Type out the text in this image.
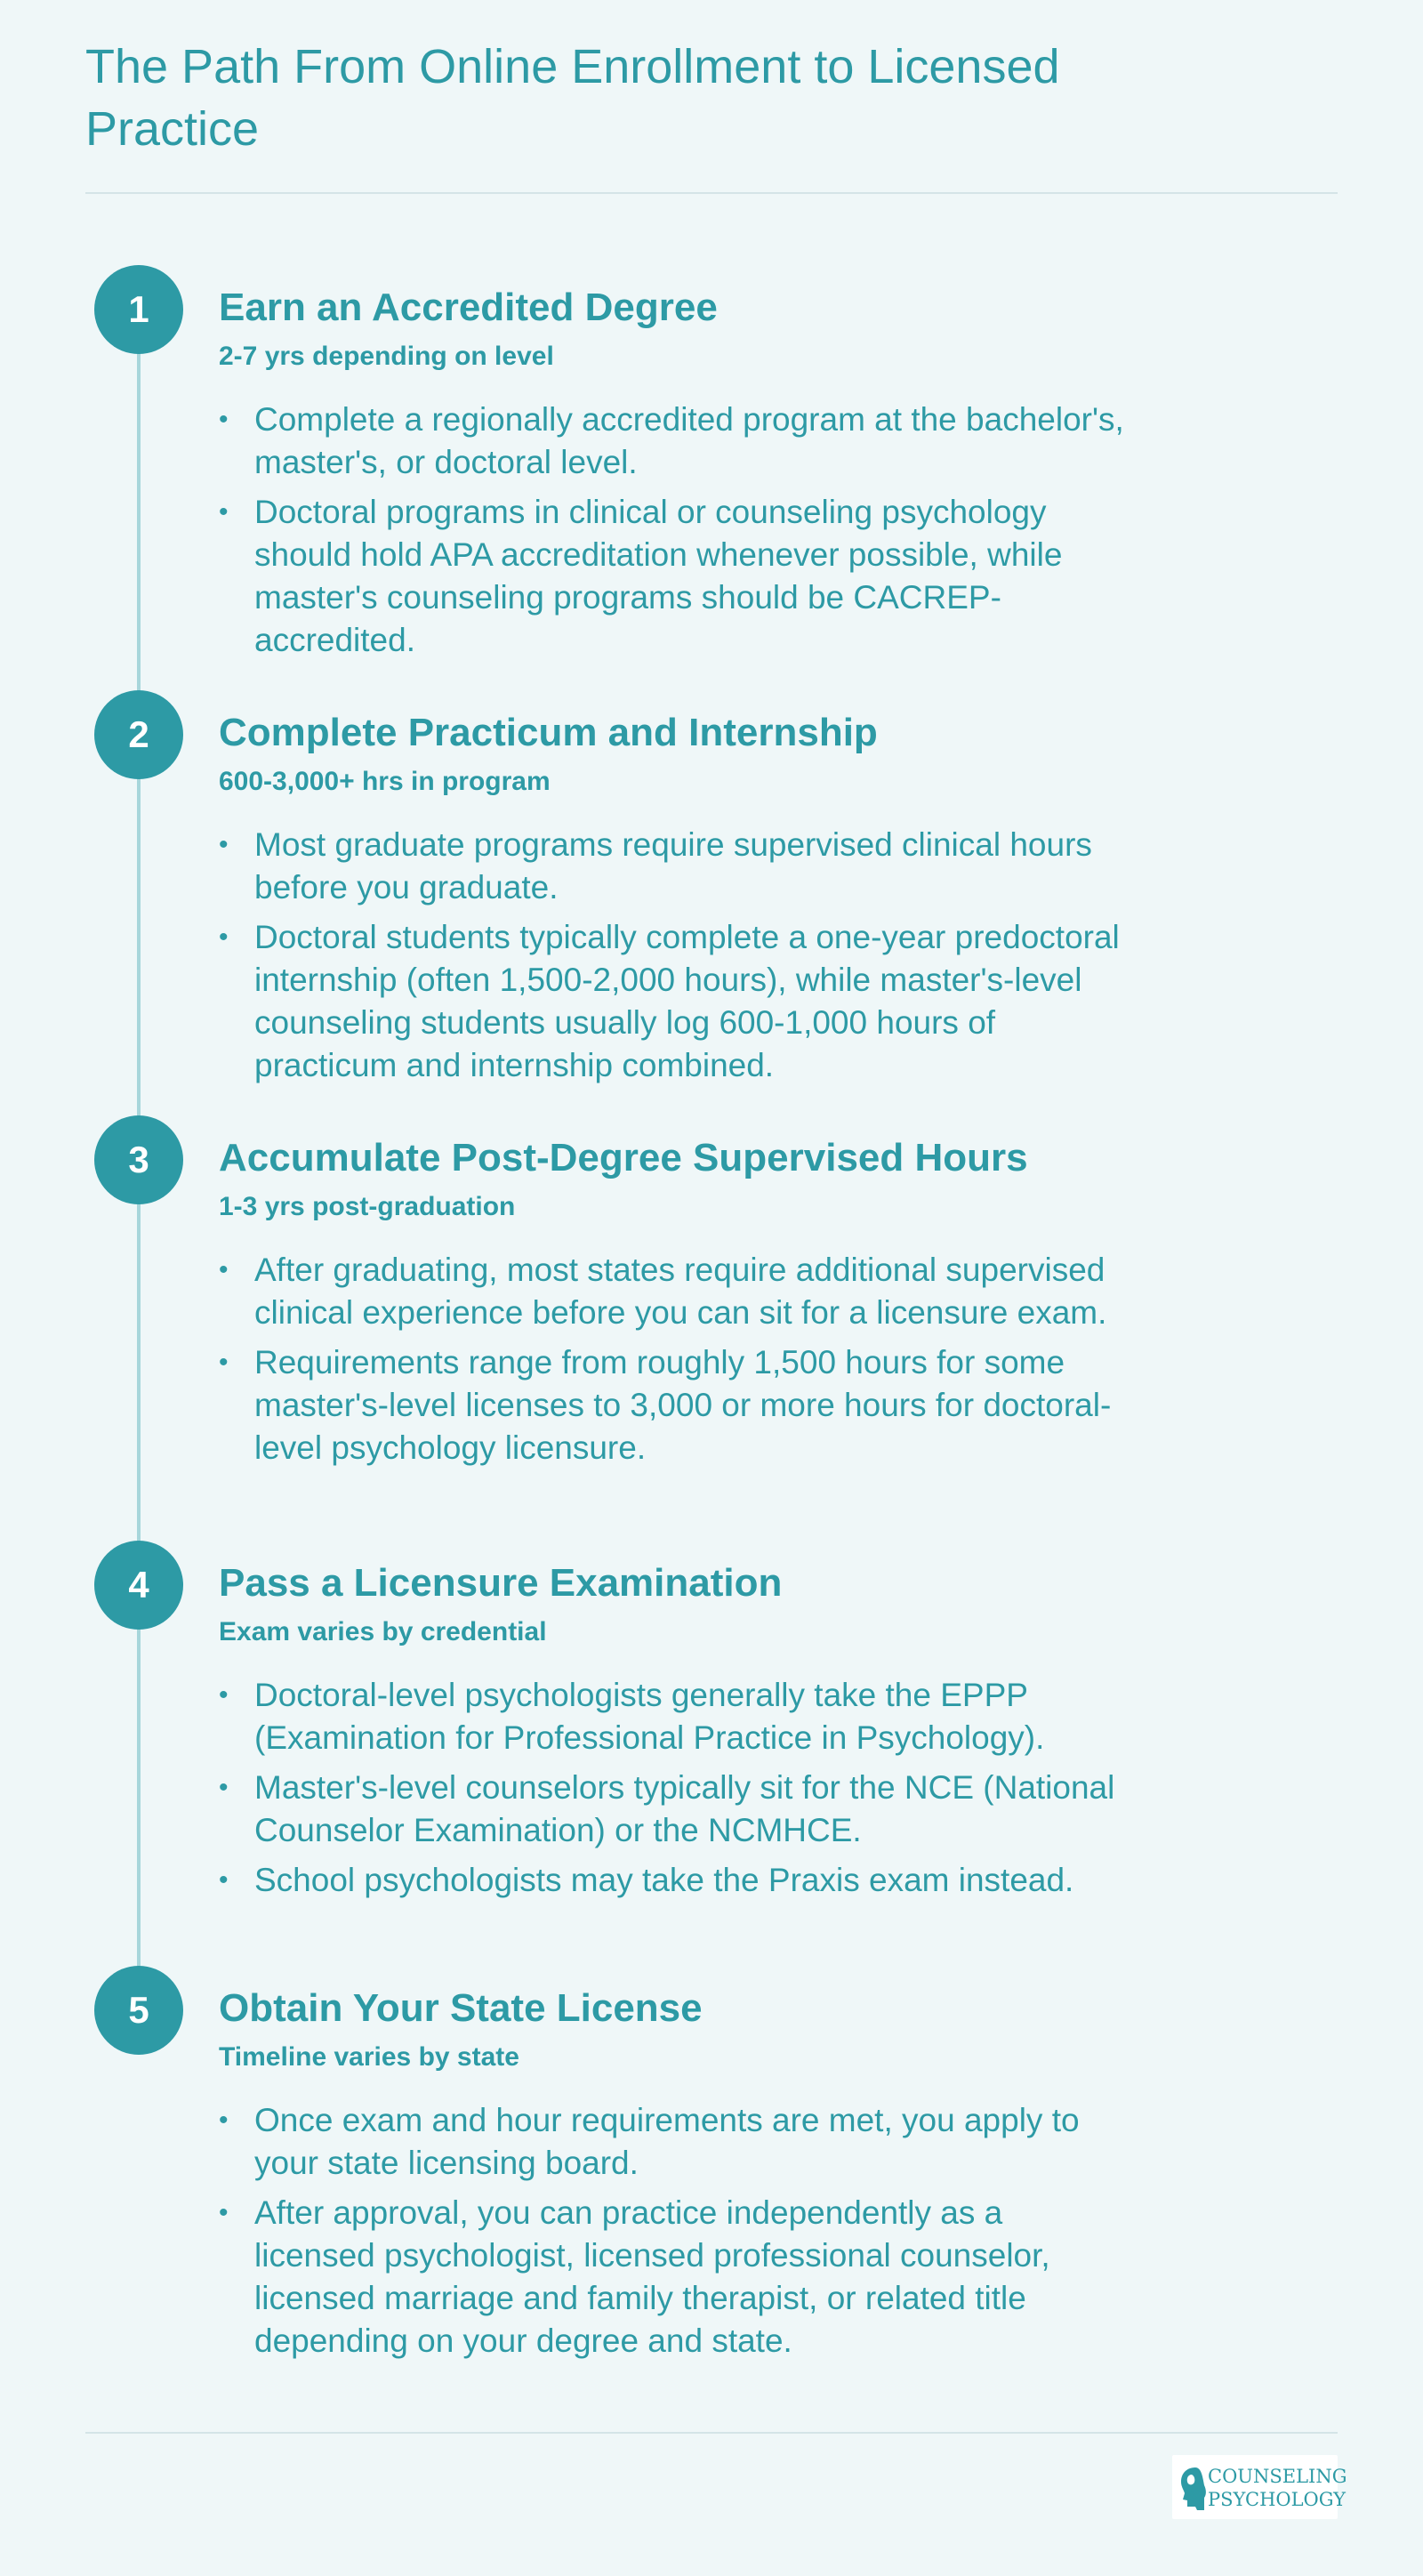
The Path From Online Enrollment to Licensed Practice
1	Earn an Accredited Degree
2-7 yrs depending on level
• Complete a regionally accredited program at the bachelor's, master's, or doctoral level.
• Doctoral programs in clinical or counseling psychology should hold APA accreditation whenever possible, while master's counseling programs should be CACREP-accredited.
2	Complete Practicum and Internship
600-3,000+ hrs in program
• Most graduate programs require supervised clinical hours before you graduate.
• Doctoral students typically complete a one-year predoctoral internship (often 1,500-2,000 hours), while master's-level counseling students usually log 600-1,000 hours of practicum and internship combined.
3	Accumulate Post-Degree Supervised Hours
1-3 yrs post-graduation
• After graduating, most states require additional supervised clinical experience before you can sit for a licensure exam.
• Requirements range from roughly 1,500 hours for some master's-level licenses to 3,000 or more hours for doctoral-level psychology licensure.
4	Pass a Licensure Examination
Exam varies by credential
• Doctoral-level psychologists generally take the EPPP (Examination for Professional Practice in Psychology).
• Master's-level counselors typically sit for the NCE (National Counselor Examination) or the NCMHCE.
• School psychologists may take the Praxis exam instead.
5	Obtain Your State License
Timeline varies by state
• Once exam and hour requirements are met, you apply to your state licensing board.
• After approval, you can practice independently as a licensed psychologist, licensed professional counselor, licensed marriage and family therapist, or related title depending on your degree and state.
COUNSELING
PSYCHOLOGY
